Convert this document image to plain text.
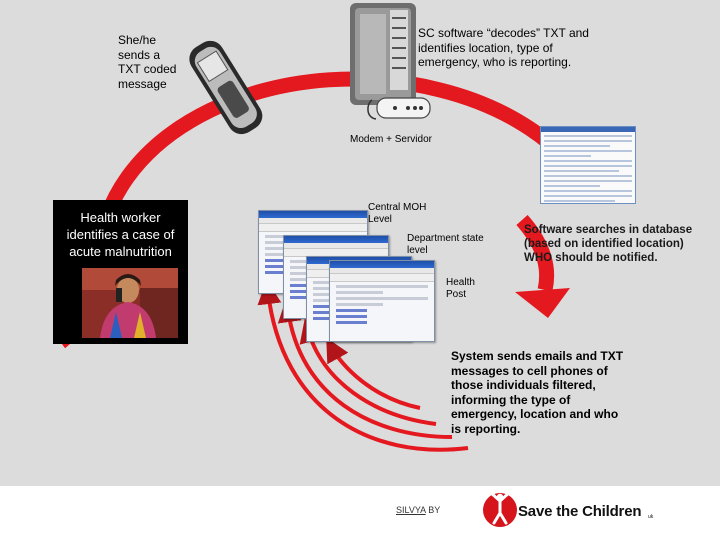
Health worker identifies a case of acute malnutrition
She/he sends a TXT coded message
SC software “decodes” TXT and identifies location, type of emergency, who is reporting.
Modem + Servidor
Central MOH Level
Department state level
Health Post
Software searches in database (based on identified location) WHO should be notified.
System sends emails and TXT messages to cell phones of those individuals filtered, informing the type of emergency, location and who is reporting.
SILVYA BY	Save the Children uk
